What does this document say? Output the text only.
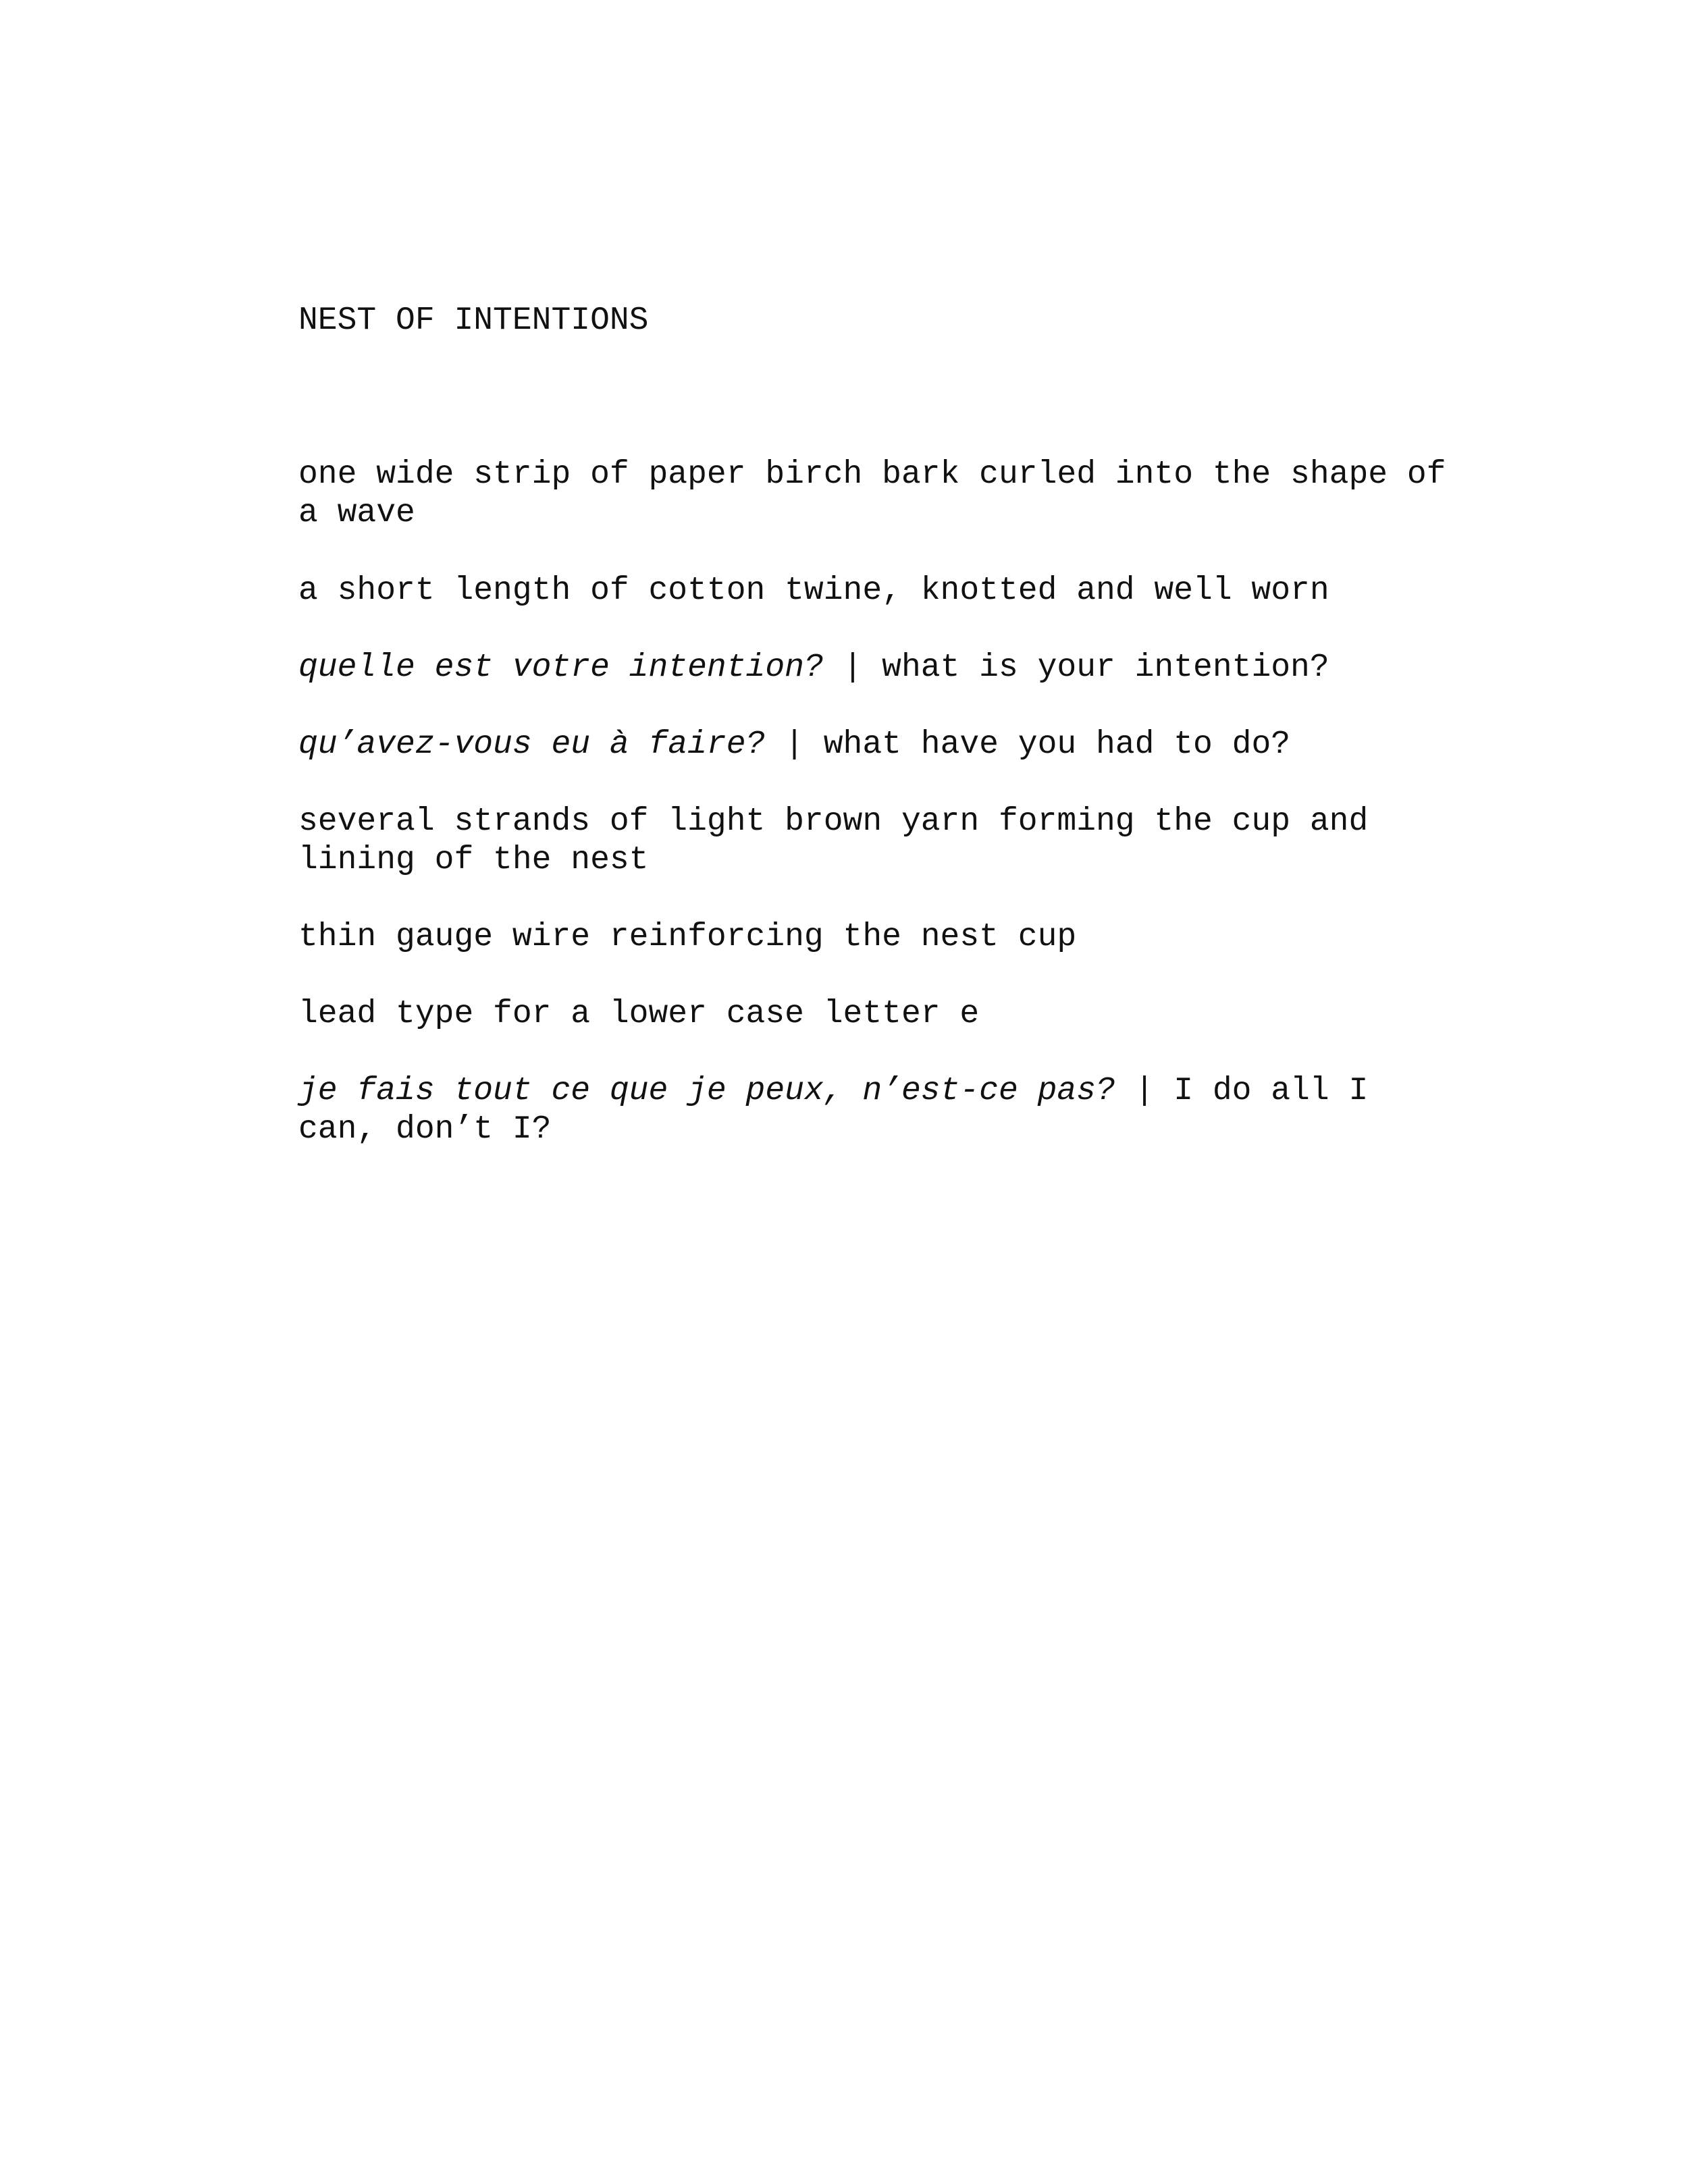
NEST OF INTENTIONS

one wide strip of paper birch bark curled into the shape of
a wave

a short length of cotton twine, knotted and well worn

quelle est votre intention? | what is your intention?

qu’avez-vous eu à faire? | what have you had to do?

several strands of light brown yarn forming the cup and
lining of the nest

thin gauge wire reinforcing the nest cup

lead type for a lower case letter e

je fais tout ce que je peux, n’est-ce pas? | I do all I
can, don’t I?
